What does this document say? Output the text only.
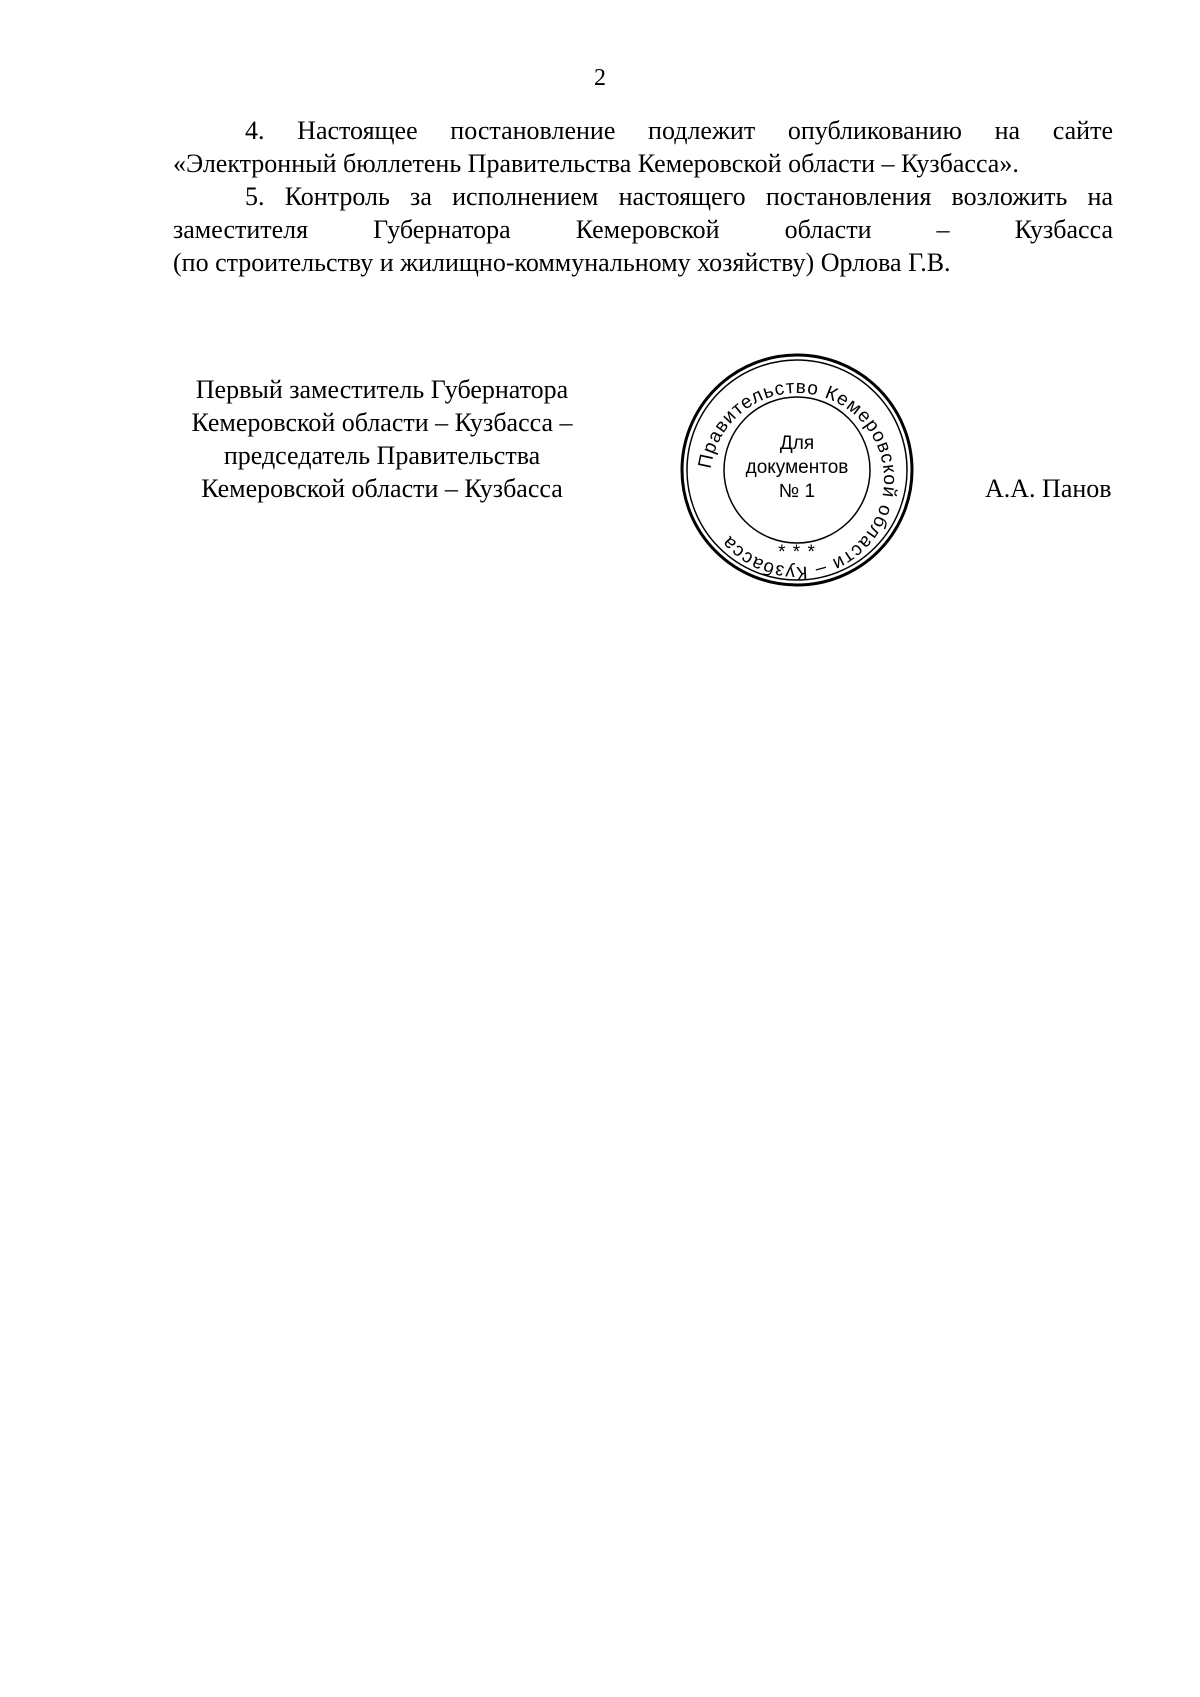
2
4. Настоящее постановление подлежит опубликованию на сайте
«Электронный бюллетень Правительства Кемеровской области – Кузбасса».
5. Контроль за исполнением настоящего постановления возложить на
заместителя Губернатора Кемеровской области – Кузбасса
(по строительству и жилищно-коммунальному хозяйству) Орлова Г.В.
Первый заместитель Губернатора
Кемеровской области – Кузбасса –
председатель Правительства
Кемеровской области – Кузбасса
Правительство Кемеровской области – Кузбасса	* * *
Для
документов
№ 1	А.А. Панов
